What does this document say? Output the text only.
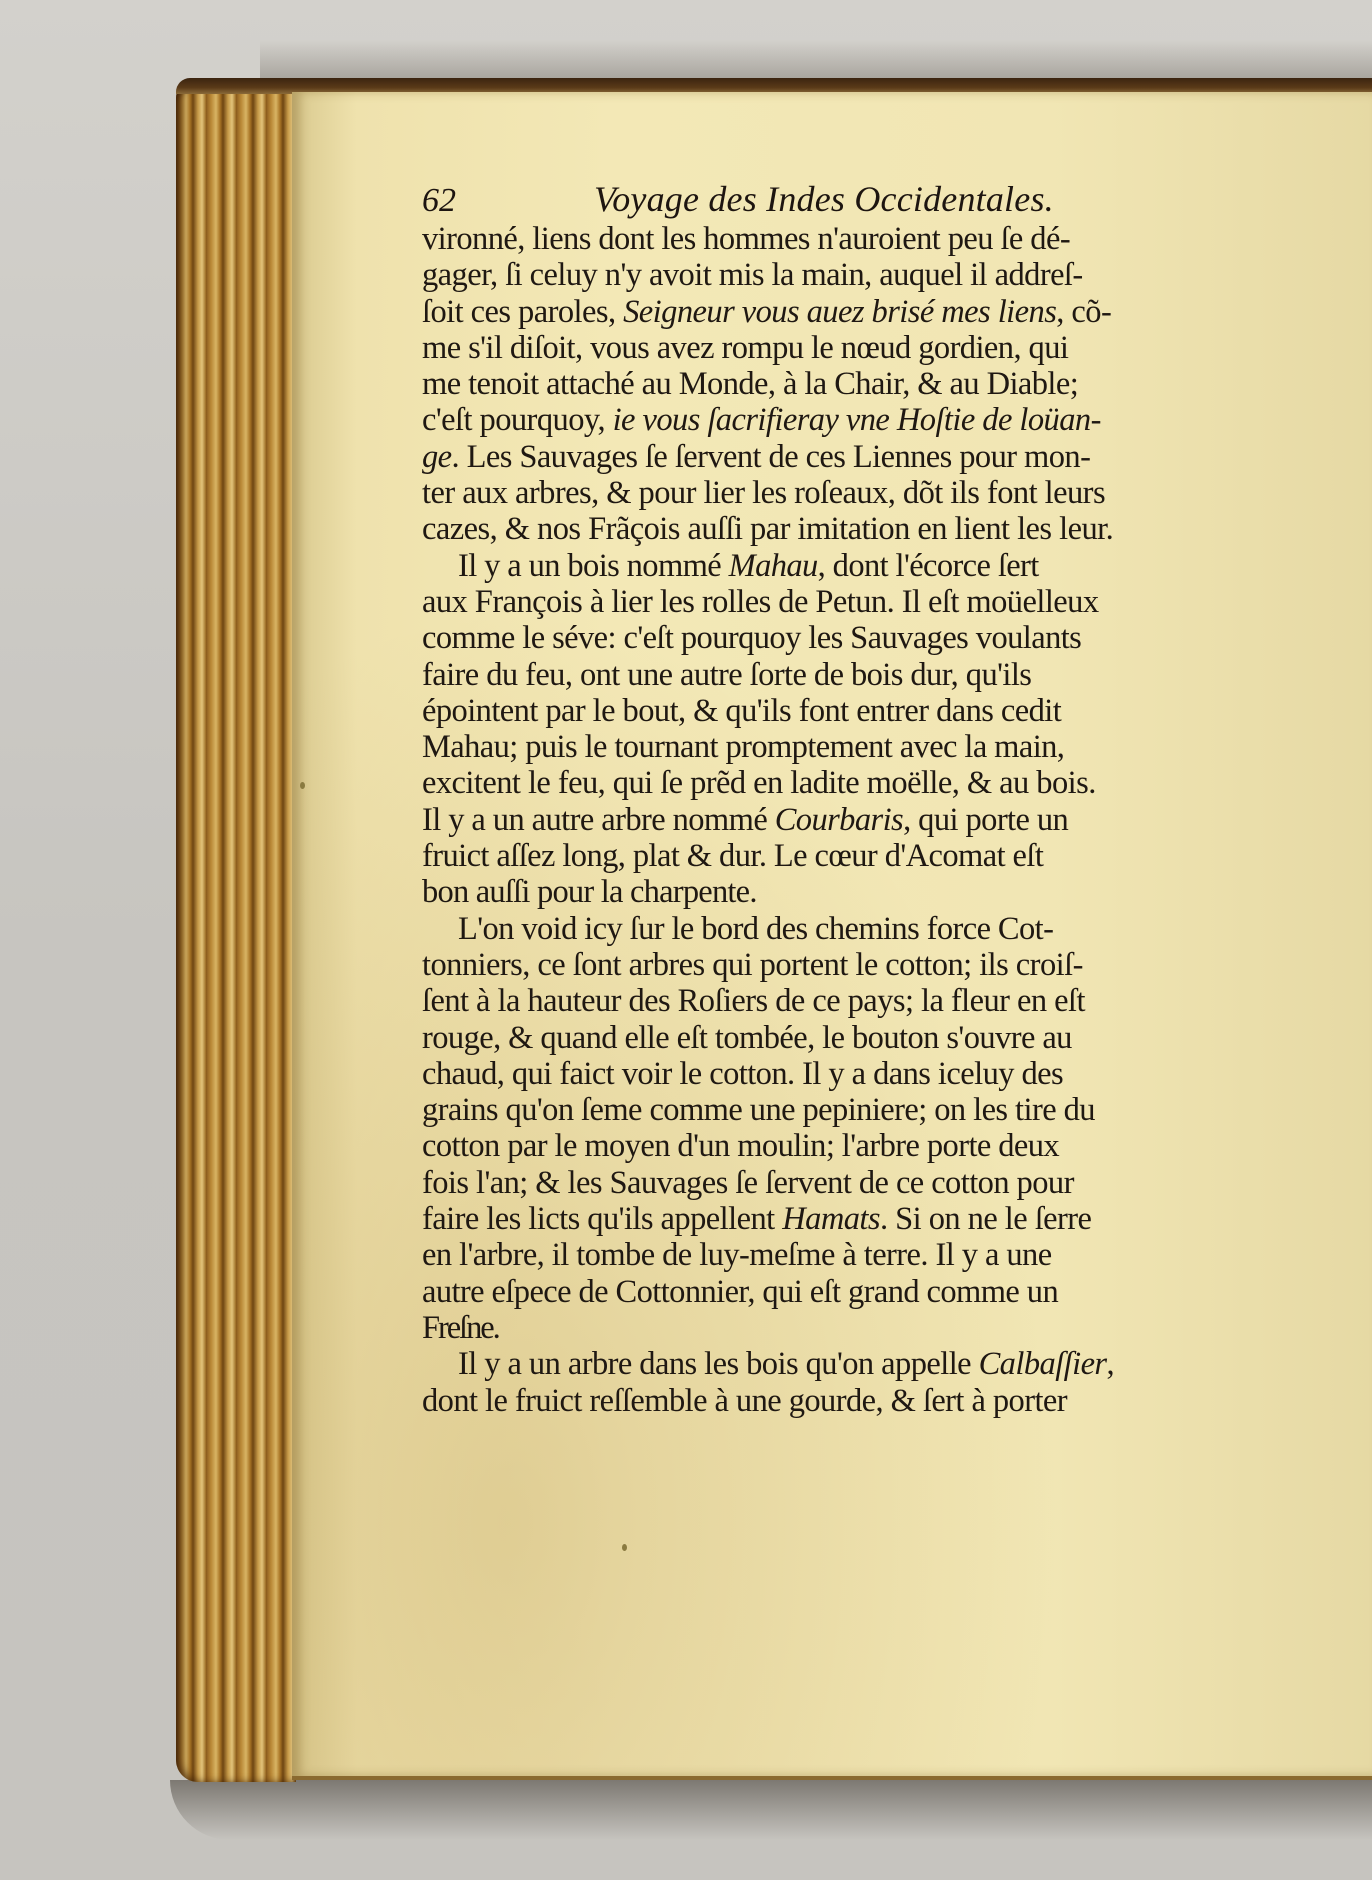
62	Voyage des Indes Occidentales.
vironné, liens dont les hommes n'auroient peu ſe dé-
gager, ſi celuy n'y avoit mis la main, auquel il addreſ-
ſoit ces paroles, Seigneur vous auez brisé mes liens, cõ-
me s'il diſoit, vous avez rompu le nœud gordien, qui
me tenoit attaché au Monde, à la Chair, & au Diable;
c'eſt pourquoy, ie vous ſacrifieray vne Hoſtie de loüan-
ge. Les Sauvages ſe ſervent de ces Liennes pour mon-
ter aux arbres, & pour lier les roſeaux, dõt ils font leurs
cazes, & nos Frãçois auſſi par imitation en lient les leur.
Il y a un bois nommé Mahau, dont l'écorce ſert
aux François à lier les rolles de Petun. Il eſt moüelleux
comme le séve: c'eſt pourquoy les Sauvages voulants
faire du feu, ont une autre ſorte de bois dur, qu'ils
épointent par le bout, & qu'ils font entrer dans cedit
Mahau; puis le tournant promptement avec la main,
excitent le feu, qui ſe prẽd en ladite moëlle, & au bois.
Il y a un autre arbre nommé Courbaris, qui porte un
fruict aſſez long, plat & dur. Le cœur d'Acomat eſt
bon auſſi pour la charpente.
L'on void icy ſur le bord des chemins force Cot-
tonniers, ce ſont arbres qui portent le cotton; ils croiſ-
ſent à la hauteur des Roſiers de ce pays; la fleur en eſt
rouge, & quand elle eſt tombée, le bouton s'ouvre au
chaud, qui faict voir le cotton. Il y a dans iceluy des
grains qu'on ſeme comme une pepiniere; on les tire du
cotton par le moyen d'un moulin; l'arbre porte deux
fois l'an; & les Sauvages ſe ſervent de ce cotton pour
faire les licts qu'ils appellent Hamats. Si on ne le ſerre
en l'arbre, il tombe de luy-meſme à terre. Il y a une
autre eſpece de Cottonnier, qui eſt grand comme un
Freſne.
Il y a un arbre dans les bois qu'on appelle Calbaſſier,
dont le fruict reſſemble à une gourde, & ſert à porter
